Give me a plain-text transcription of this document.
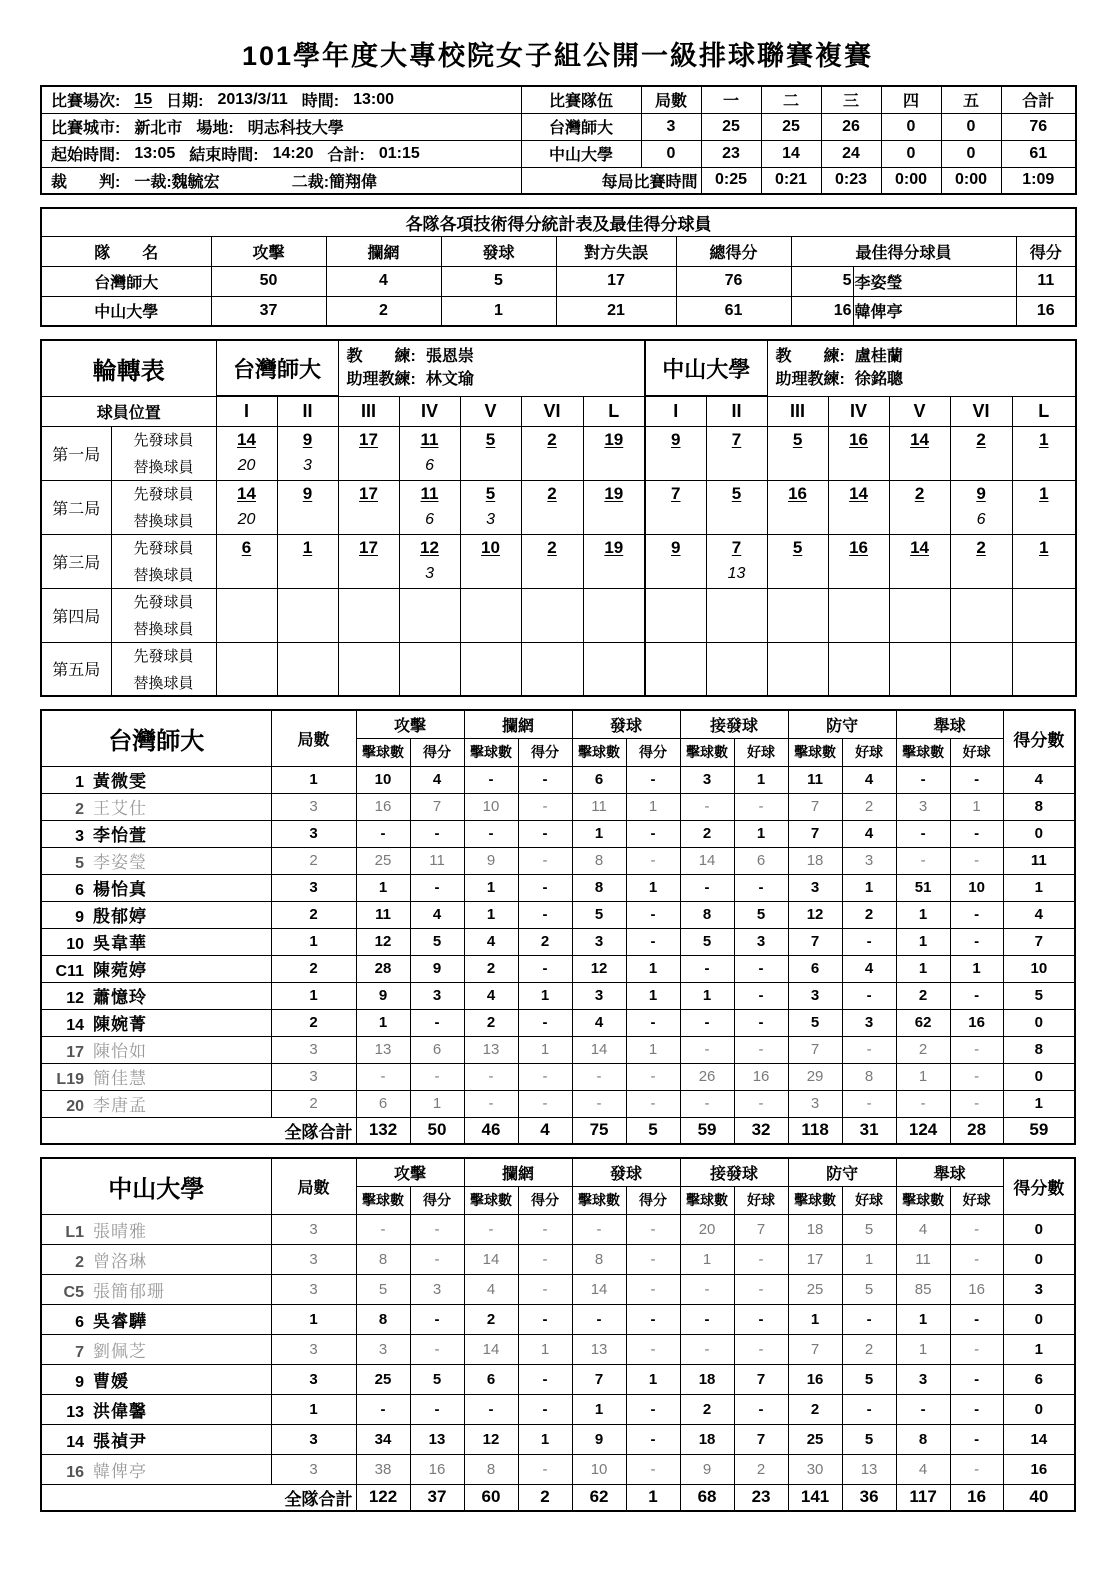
101學年度大專校院女子組公開一級排球聯賽複賽
比賽場次: 15 日期: 2013/3/11 時間: 13:00	比賽隊伍	局數	一	二	三	四	五	合計

比賽城市: 新北市 場地: 明志科技大學	台灣師大	3	25	25	26	0	0	76

起始時間: 13:05 結束時間: 14:20 合計: 01:15	中山大學	0	23	14	24	0	0	61

裁　　判: 一裁:魏毓宏 二裁:簡翔偉	每局比賽時間		0:25	0:21	0:23	0:00	0:00	1:09
各隊各項技術得分統計表及最佳得分球員								
隊　　名	攻擊	攔網	發球	對方失誤	總得分	最佳得分球員		得分
台灣師大	50	4	5	17	76	5	李姿瑩	11
中山大學	37	2	1	21	61	16	韓俾亭	16
輪轉表	台灣師大	教　　練: 張恩崇
助理教練: 林文瑜	中山大學	教　　練: 盧桂蘭
助理教練: 徐銘聰

球員位置		I	II	III	IV	V	VI	L	I	II	III	IV	V	VI	L
第一局	先發球員	14	9	17	11	5	2	19	9	7	5	16	14	2	1
	替換球員	20	3		6										
第二局	先發球員	14	9	17	11	5	2	19	7	5	16	14	2	9	1
	替換球員	20			6	3								6	
第三局	先發球員	6	1	17	12	10	2	19	9	7	5	16	14	2	1
	替換球員				3					13					
第四局	先發球員														
	替換球員														
第五局	先發球員														
	替換球員														
台灣師大	局數	攻擊		攔網		發球		接發球		防守		舉球		得分數
		擊球數	得分	擊球數	得分	擊球數	得分	擊球數	好球	擊球數	好球	擊球數	好球	
1 黃微雯	1	10	4	-	-	6	-	3	1	11	4	-	-	4
2 王艾仕	3	16	7	10	-	11	1	-	-	7	2	3	1	8
3 李怡萱	3	-	-	-	-	1	-	2	1	7	4	-	-	0
5 李姿瑩	2	25	11	9	-	8	-	14	6	18	3	-	-	11
6 楊怡真	3	1	-	1	-	8	1	-	-	3	1	51	10	1
9 殷郁婷	2	11	4	1	-	5	-	8	5	12	2	1	-	4
10 吳韋華	1	12	5	4	2	3	-	5	3	7	-	1	-	7
C11 陳菀婷	2	28	9	2	-	12	1	-	-	6	4	1	1	10
12 蕭憶玲	1	9	3	4	1	3	1	1	-	3	-	2	-	5
14 陳婉菁	2	1	-	2	-	4	-	-	-	5	3	62	16	0
17 陳怡如	3	13	6	13	1	14	1	-	-	7	-	2	-	8
L19 簡佳慧	3	-	-	-	-	-	-	26	16	29	8	1	-	0
20 李唐孟	2	6	1	-	-	-	-	-	-	3	-	-	-	1
全隊合計		132	50	46	4	75	5	59	32	118	31	124	28	59
中山大學	局數	攻擊		攔網		發球		接發球		防守		舉球		得分數
		擊球數	得分	擊球數	得分	擊球數	得分	擊球數	好球	擊球數	好球	擊球數	好球	
L1 張晴雅	3	-	-	-	-	-	-	20	7	18	5	4	-	0
2 曾洛琳	3	8	-	14	-	8	-	1	-	17	1	11	-	0
C5 張簡郁珊	3	5	3	4	-	14	-	-	-	25	5	85	16	3
6 吳睿驊	1	8	-	2	-	-	-	-	-	1	-	1	-	0
7 劉佩芝	3	3	-	14	1	13	-	-	-	7	2	1	-	1
9 曹媛	3	25	5	6	-	7	1	18	7	16	5	3	-	6
13 洪偉馨	1	-	-	-	-	1	-	2	-	2	-	-	-	0
14 張禎尹	3	34	13	12	1	9	-	18	7	25	5	8	-	14
16 韓俾亭	3	38	16	8	-	10	-	9	2	30	13	4	-	16
全隊合計		122	37	60	2	62	1	68	23	141	36	117	16	40
